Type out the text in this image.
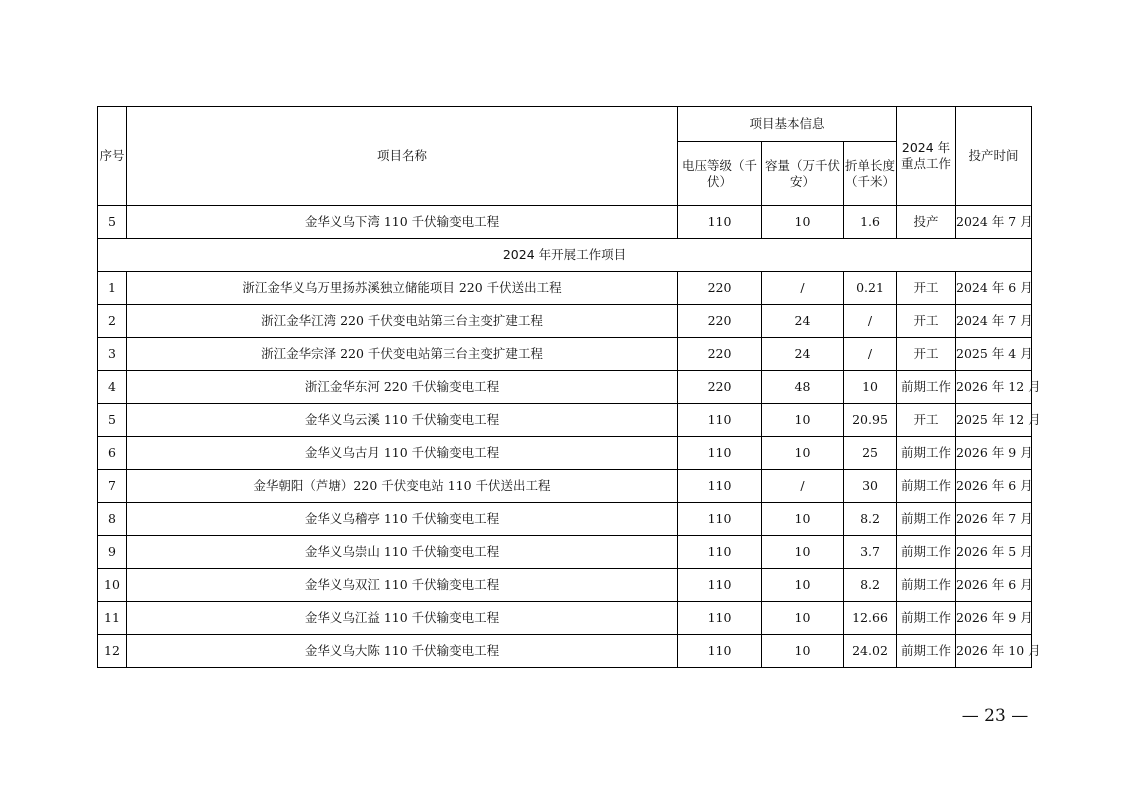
序号	项目名称	项目基本信息			2024 年重点工作	投产时间
		电压等级（千伏）	容量（万千伏安）	折单长度（千米）		
5	金华义乌下湾 110 千伏输变电工程	110	10	1.6	投产	2024 年 7 月
2024 年开展工作项目						
1	浙江金华义乌万里扬苏溪独立储能项目 220 千伏送出工程	220	/	0.21	开工	2024 年 6 月
2	浙江金华江湾 220 千伏变电站第三台主变扩建工程	220	24	/	开工	2024 年 7 月
3	浙江金华宗泽 220 千伏变电站第三台主变扩建工程	220	24	/	开工	2025 年 4 月
4	浙江金华东河 220 千伏输变电工程	220	48	10	前期工作	2026 年 12 月
5	金华义乌云溪 110 千伏输变电工程	110	10	20.95	开工	2025 年 12 月
6	金华义乌古月 110 千伏输变电工程	110	10	25	前期工作	2026 年 9 月
7	金华朝阳（芦塘）220 千伏变电站 110 千伏送出工程	110	/	30	前期工作	2026 年 6 月
8	金华义乌稽亭 110 千伏输变电工程	110	10	8.2	前期工作	2026 年 7 月
9	金华义乌崇山 110 千伏输变电工程	110	10	3.7	前期工作	2026 年 5 月
10	金华义乌双江 110 千伏输变电工程	110	10	8.2	前期工作	2026 年 6 月
11	金华义乌江益 110 千伏输变电工程	110	10	12.66	前期工作	2026 年 9 月
12	金华义乌大陈 110 千伏输变电工程	110	10	24.02	前期工作	2026 年 10 月
— 23 —
